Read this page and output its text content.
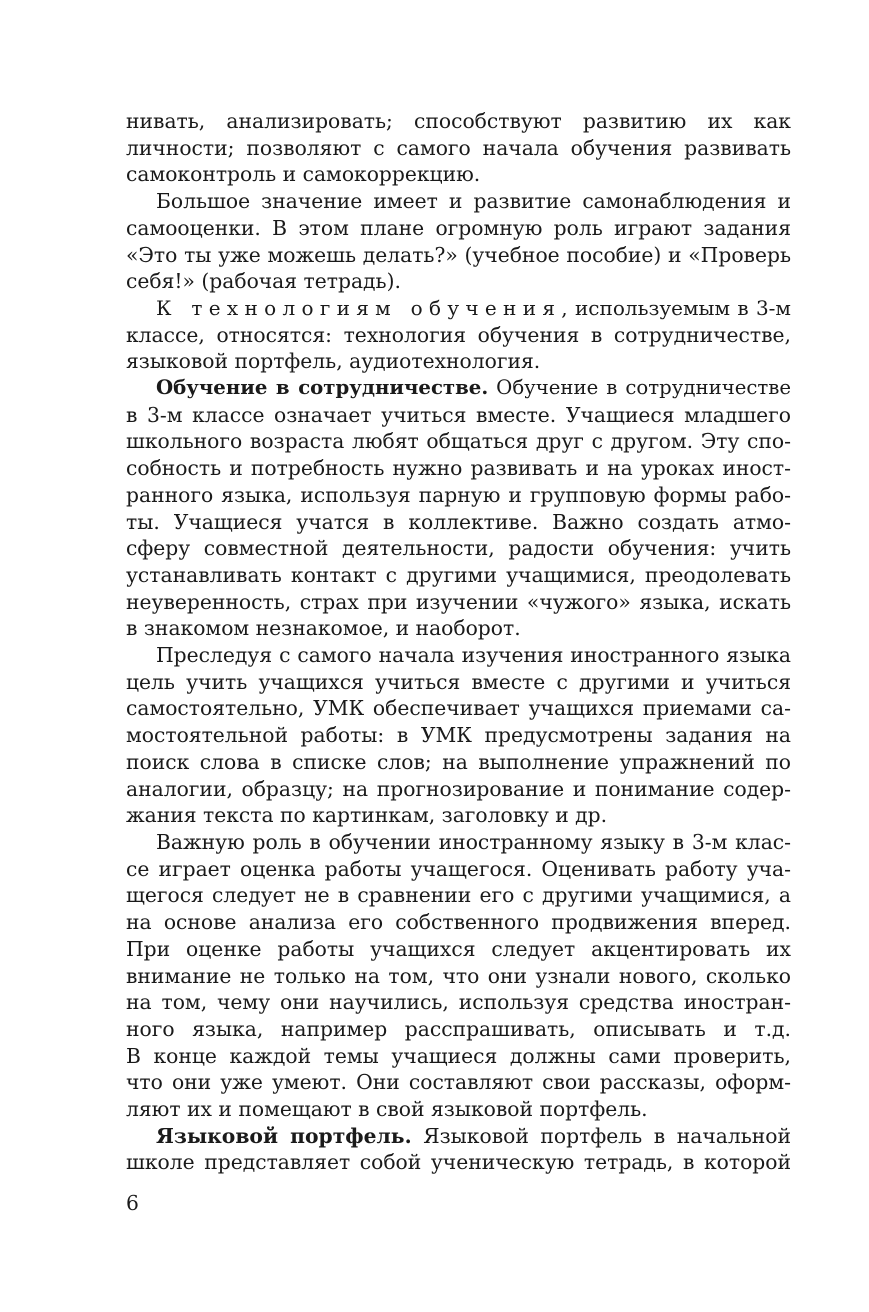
нивать, анализировать; способствуют развитию их как
личности; позволяют с самого начала обучения развивать
самоконтроль и самокоррекцию.
Большое значение имеет и развитие самонаблюдения и
самооценки. В этом плане огромную роль играют задания
«Это ты уже можешь делать?» (учебное пособие) и «Проверь
себя!» (рабочая тетрадь).
К технологиям обучения, используемым в 3-м
классе, относятся: технология обучения в сотрудничестве,
языковой портфель, аудиотехнология.
Обучение в сотрудничестве. Обучение в сотрудничестве
в 3-м классе означает учиться вместе. Учащиеся младшего
школьного возраста любят общаться друг с другом. Эту спо-
собность и потребность нужно развивать и на уроках иност-
ранного языка, используя парную и групповую формы рабо-
ты. Учащиеся учатся в коллективе. Важно создать атмо-
сферу совместной деятельности, радости обучения: учить
устанавливать контакт с другими учащимися, преодолевать
неуверенность, страх при изучении «чужого» языка, искать
в знакомом незнакомое, и наоборот.
Преследуя с самого начала изучения иностранного языка
цель учить учащихся учиться вместе с другими и учиться
самостоятельно, УМК обеспечивает учащихся приемами са-
мостоятельной работы: в УМК предусмотрены задания на
поиск слова в списке слов; на выполнение упражнений по
аналогии, образцу; на прогнозирование и понимание содер-
жания текста по картинкам, заголовку и др.
Важную роль в обучении иностранному языку в 3-м клас-
се играет оценка работы учащегося. Оценивать работу уча-
щегося следует не в сравнении его с другими учащимися, а
на основе анализа его собственного продвижения вперед.
При оценке работы учащихся следует акцентировать их
внимание не только на том, что они узнали нового, сколько
на том, чему они научились, используя средства иностран-
ного языка, например расспрашивать, описывать и т.д.
В конце каждой темы учащиеся должны сами проверить,
что они уже умеют. Они составляют свои рассказы, оформ-
ляют их и помещают в свой языковой портфель.
Языковой портфель. Языковой портфель в начальной
школе представляет собой ученическую тетрадь, в которой
6
